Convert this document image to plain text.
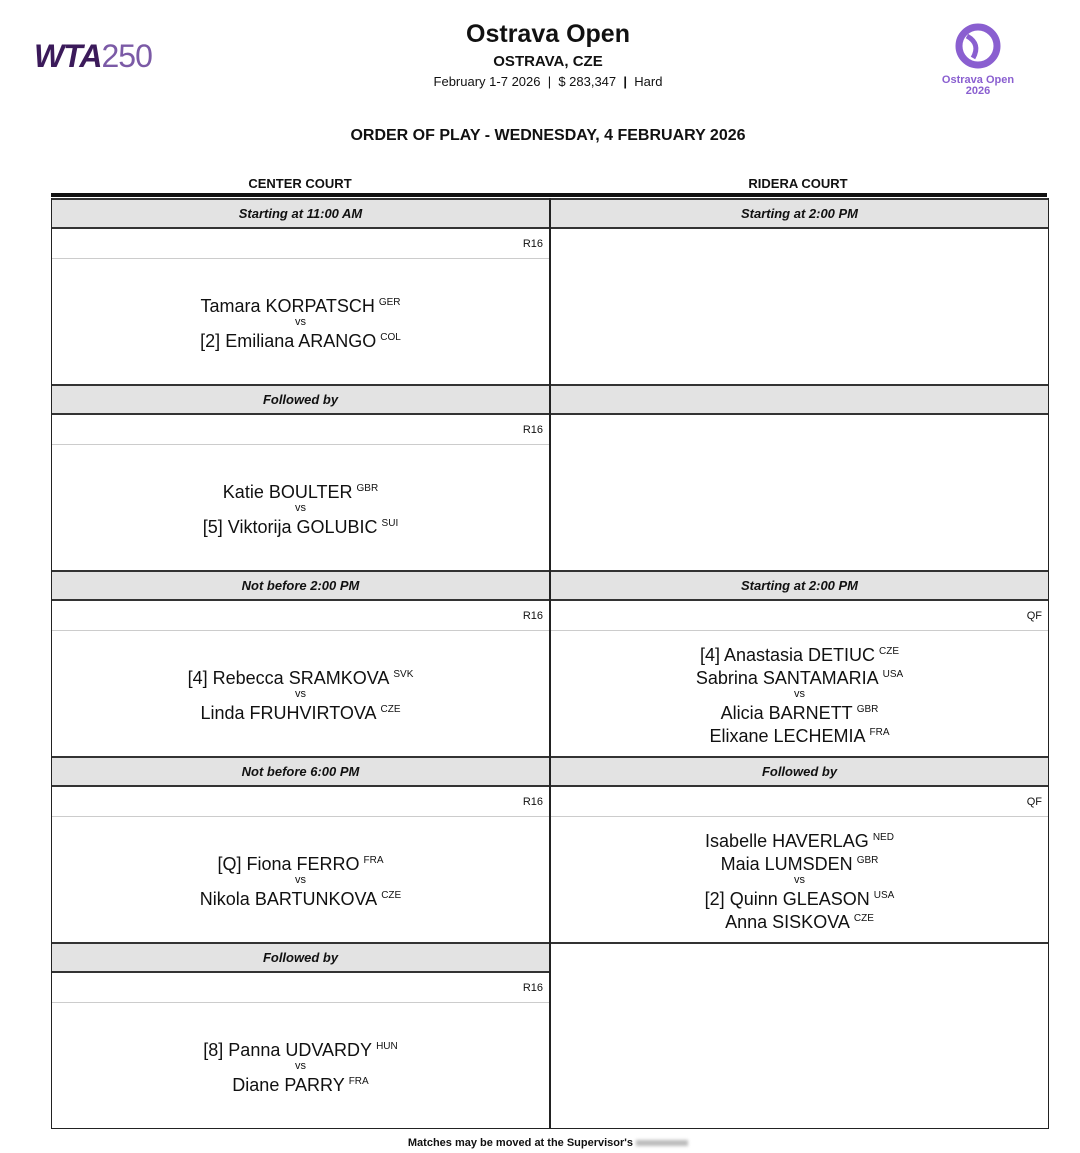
WTA250
Ostrava Open
OSTRAVA, CZE
February 1-7 2026  |  $ 283,347 | Hard	Ostrava Open
2026
ORDER OF PLAY - WEDNESDAY, 4 FEBRUARY 2026
CENTER COURT	RIDERA COURT
Starting at 11:00 AM
R16
Tamara KORPATSCH $^{GER}$
vs
[2] Emiliana ARANGO $^{COL}$
Followed by
R16
Katie BOULTER $^{GBR}$
vs
[5] Viktorija GOLUBIC $^{SUI}$
Not before 2:00 PM
R16
[4] Rebecca SRAMKOVA $^{SVK}$
vs
Linda FRUHVIRTOVA $^{CZE}$
Not before 6:00 PM
R16
[Q] Fiona FERRO $^{FRA}$
vs
Nikola BARTUNKOVA $^{CZE}$
Followed by
R16
[8] Panna UDVARDY $^{HUN}$
vs
Diane PARRY $^{FRA}$
Starting at 2:00 PM
Starting at 2:00 PM
QF
[4] Anastasia DETIUC $^{CZE}$
Sabrina SANTAMARIA $^{USA}$
vs
Alicia BARNETT $^{GBR}$
Elixane LECHEMIA $^{FRA}$
Followed by
QF
Isabelle HAVERLAG $^{NED}$
Maia LUMSDEN $^{GBR}$
vs
[2] Quinn GLEASON $^{USA}$
Anna SISKOVA $^{CZE}$
Matches may be moved at the Supervisor's
